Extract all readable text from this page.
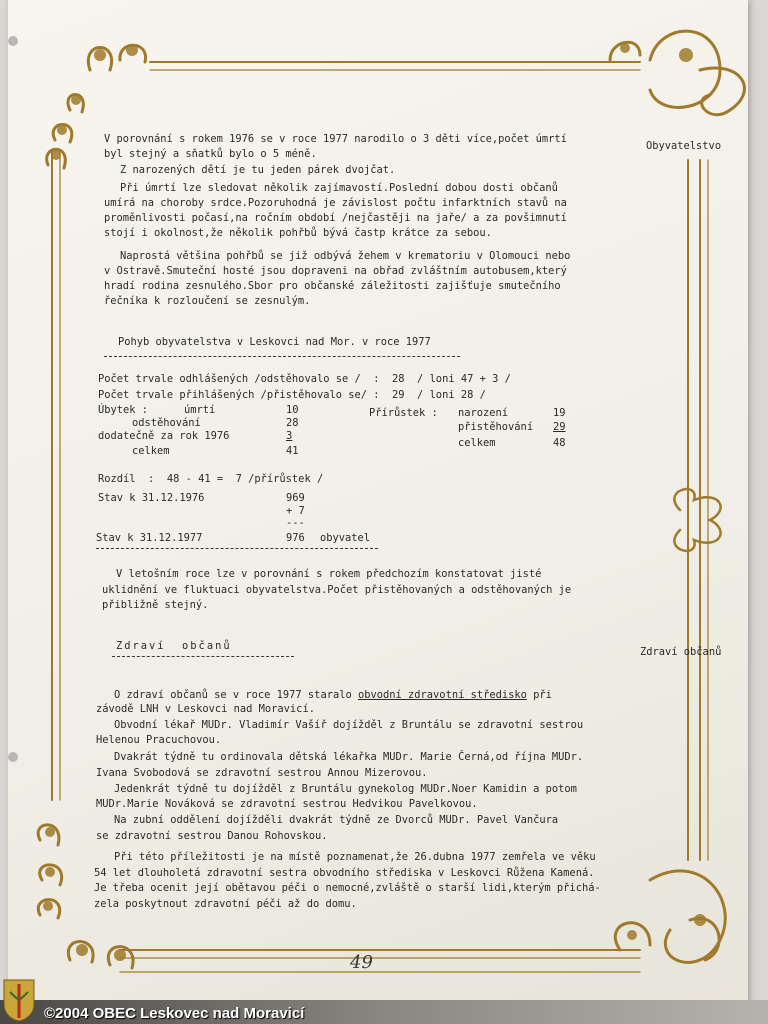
V porovnání s rokem 1976 se v roce 1977 narodilo o 3 děti více,počet úmrtí
byl stejný a sňatků bylo o 5 méně.
Z narozených dětí je tu jeden párek dvojčat.
Při úmrtí lze sledovat několik zajímavostí.Poslední dobou dosti občanů
umírá na choroby srdce.Pozoruhodná je závislost počtu infarktních stavů na
proměnlivosti počasí,na ročním období /nejčastěji na jaře/ a za povšimnutí
stojí i okolnost,že několik pohřbů bývá častp krátce za sebou.
Naprostá většina pohřbů se již odbývá žehem v krematoriu v Olomouci nebo
v Ostravě.Smuteční hosté jsou dopraveni na obřad zvláštním autobusem,který
hradí rodina zesnulého.Sbor pro občanské záležitosti zajišťuje smutečního
řečníka k rozloučení se zesnulým.
Obyvatelstvo
Pohyb obyvatelstva v Leskovci nad Mor. v roce 1977
Počet trvale odhlášených /odstěhovalo se /  :  28  / loni 47 + 3 /
Počet trvale přihlášených /přistěhovalo se/ :  29  / loni 28 /
Úbytek :	úmrtí	10
odstěhování	28
dodatečně za rok 1976	3
celkem	41
Přírůstek : narození	19
přistěhování 29
celkem	48
Rozdíl  :  48 - 41 =  7 /přírůstek /
Stav k 31.12.1976	969
+ 7
---
Stav k 31.12.1977	976 obyvatel
V letošním roce lze v porovnání s rokem předchozím konstatovat jisté
uklidnění ve fluktuaci obyvatelstva.Počet přistěhovaných a odstěhovaných je
přibližně stejný.
Zdraví  občanů	Zdraví občanů
O zdraví občanů se v roce 1977 staralo obvodní zdravotní středisko při
závodě LNH v Leskovci nad Moravicí.
Obvodní lékař MUDr. Vladimír Vašíř dojížděl z Bruntálu se zdravotní sestrou
Helenou Pracuchovou.
Dvakrát týdně tu ordinovala dětská lékařka MUDr. Marie Černá,od října MUDr.
Ivana Svobodová se zdravotní sestrou Annou Mizerovou.
Jedenkrát týdně tu dojížděl z Bruntálu gynekolog MUDr.Noer Kamidin a potom
MUDr.Marie Nováková se zdravotní sestrou Hedvikou Pavelkovou.
Na zubní oddělení dojížděli dvakrát týdně ze Dvorců MUDr. Pavel Vančura
se zdravotní sestrou Danou Rohovskou.
Při této příležitosti je na místě poznamenat,že 26.dubna 1977 zemřela ve věku
54 let dlouholetá zdravotní sestra obvodního střediska v Leskovci Růžena Kamená.
Je třeba ocenit její obětavou péči o nemocné,zvláště o starší lidi,kterým přichá-
zela poskytnout zdravotní péči až do domu.
49
©2004 OBEC Leskovec nad Moravicí
